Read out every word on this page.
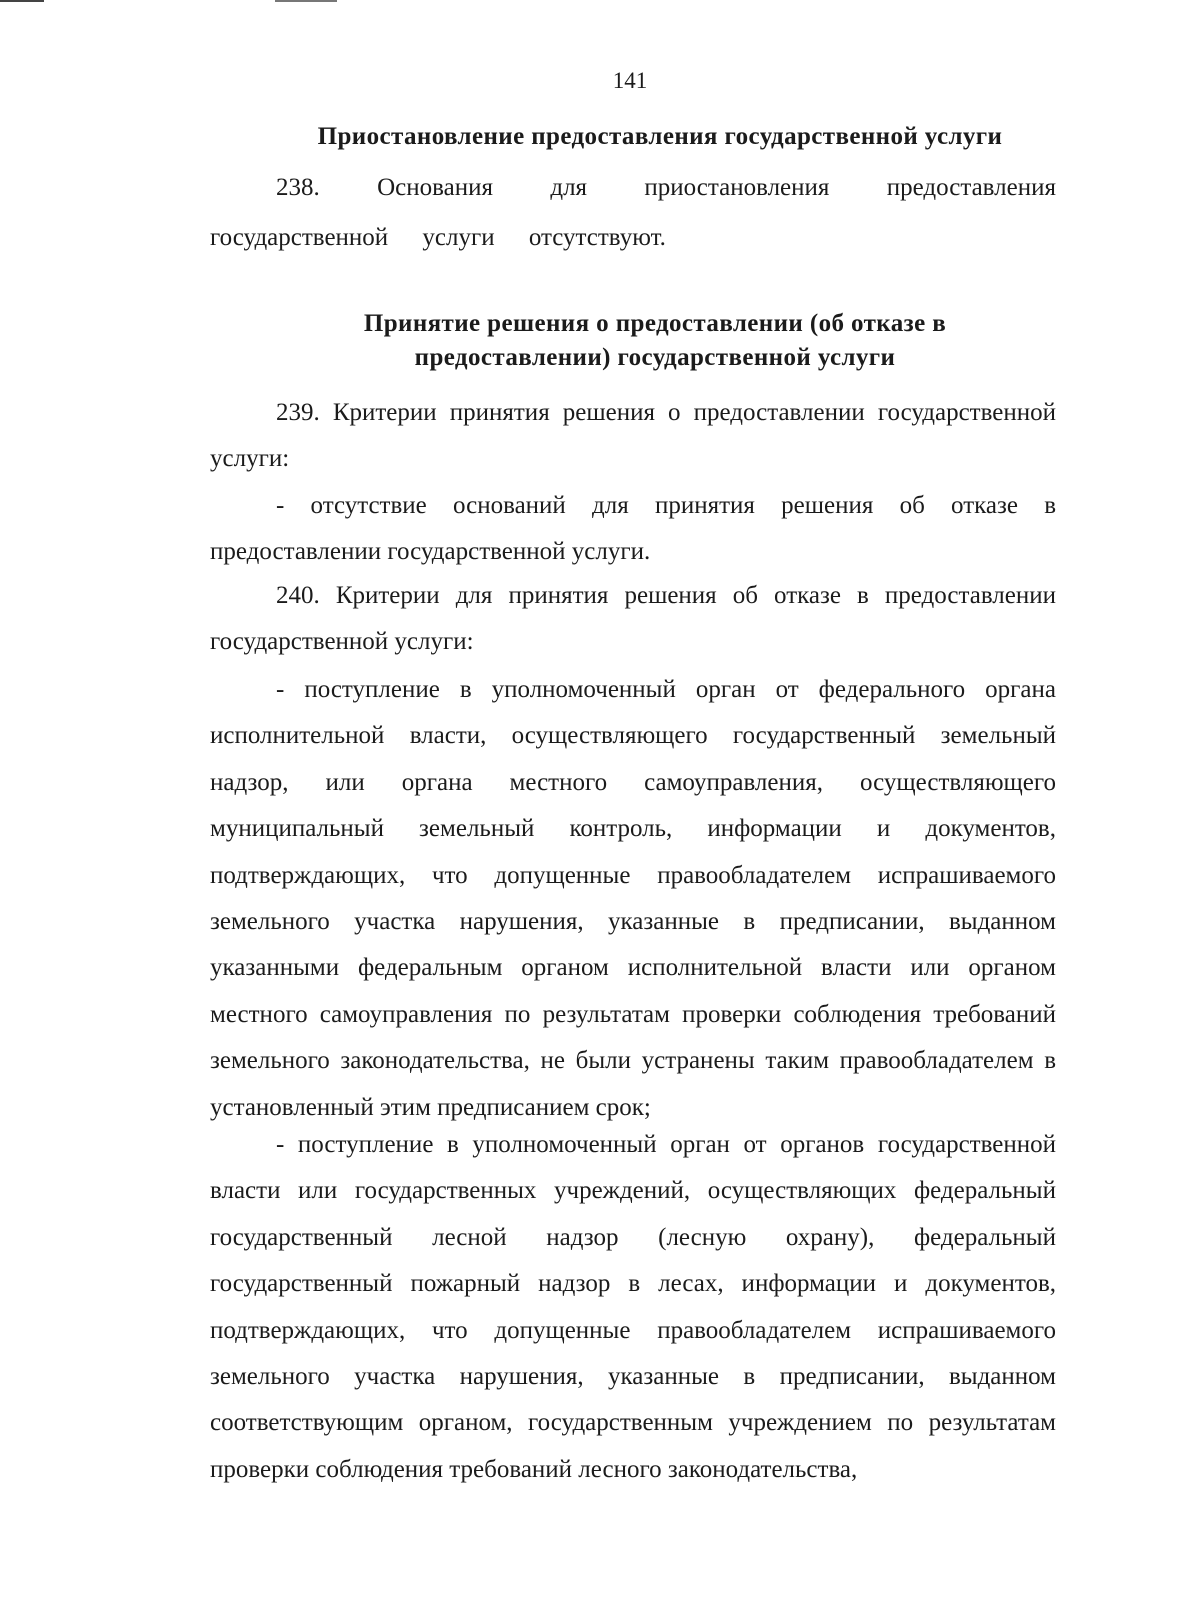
141

Приостановление предоставления государственной услуги

238. Основания для приостановления предоставления государственной услуги отсутствуют.

Принятие решения о предоставлении (об отказе в
предоставлении) государственной услуги

239. Критерии принятия решения о предоставлении государственной услуги:

- отсутствие оснований для принятия решения об отказе в предоставлении государственной услуги.

240. Критерии для принятия решения об отказе в предоставлении государственной услуги:

- поступление в уполномоченный орган от федерального органа исполнительной власти, осуществляющего государственный земельный надзор, или органа местного самоуправления, осуществляющего муниципальный земельный контроль, информации и документов, подтверждающих, что допущенные правообладателем испрашиваемого земельного участка нарушения, указанные в предписании, выданном указанными федеральным органом исполнительной власти или органом местного самоуправления по результатам проверки соблюдения требований земельного законодательства, не были устранены таким правообладателем в установленный этим предписанием срок;

- поступление в уполномоченный орган от органов государственной власти или государственных учреждений, осуществляющих федеральный государственный лесной надзор (лесную охрану), федеральный государственный пожарный надзор в лесах, информации и документов, подтверждающих, что допущенные правообладателем испрашиваемого земельного участка нарушения, указанные в предписании, выданном соответствующим органом, государственным учреждением по результатам проверки соблюдения требований лесного законодательства,
